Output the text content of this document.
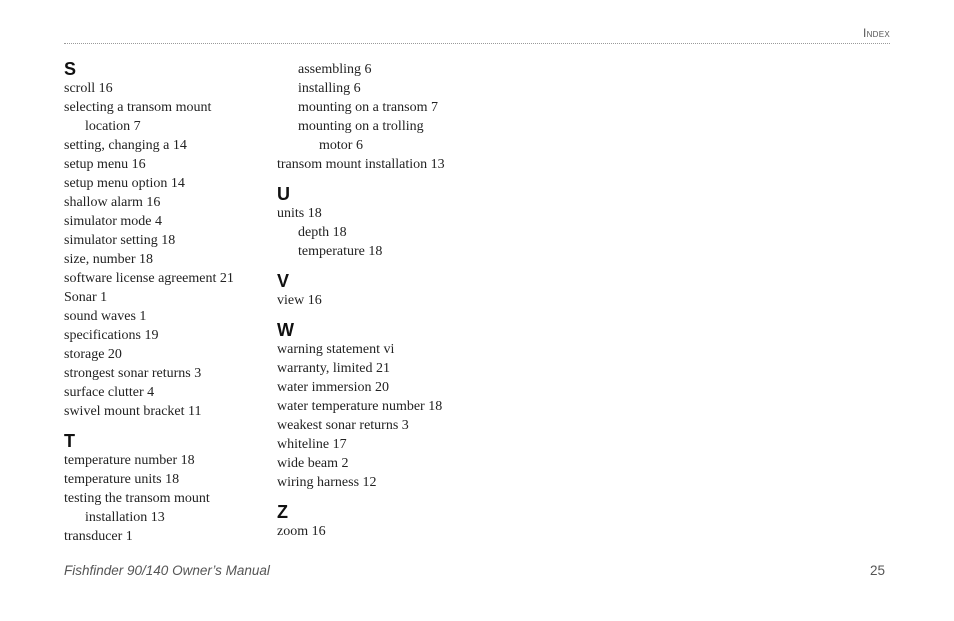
Index
S
scroll 16
selecting a transom mount
location 7
setting, changing a 14
setup menu 16
setup menu option 14
shallow alarm 16
simulator mode 4
simulator setting 18
size, number 18
software license agreement 21
Sonar 1
sound waves 1
specifications 19
storage 20
strongest sonar returns 3
surface clutter 4
swivel mount bracket 11
T
temperature number 18
temperature units 18
testing the transom mount
installation 13
transducer 1
assembling 6
installing 6
mounting on a transom 7
mounting on a trolling
motor 6
transom mount installation 13
U
units 18
depth 18
temperature 18
V
view 16
W
warning statement vi
warranty, limited 21
water immersion 20
water temperature number 18
weakest sonar returns 3
whiteline 17
wide beam 2
wiring harness 12
Z
zoom 16
Fishfinder 90/140 Owner’s Manual	25
